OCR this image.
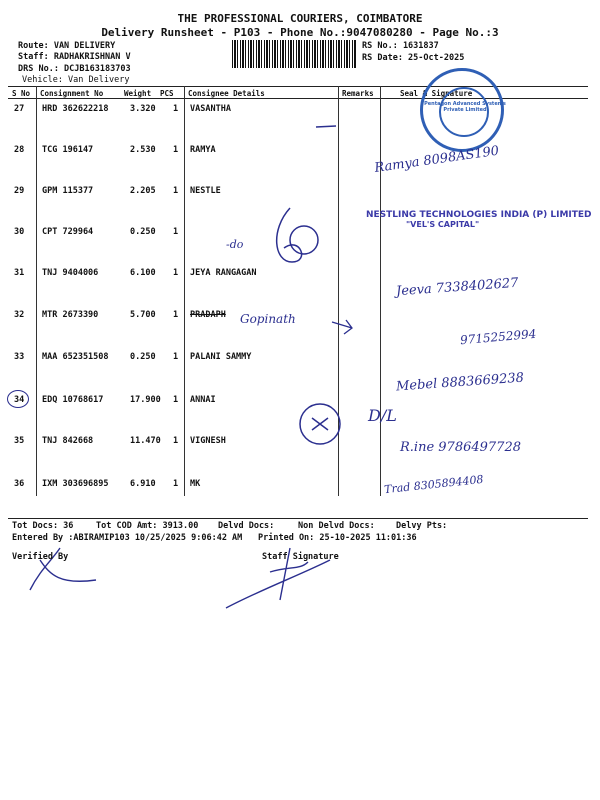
THE PROFESSIONAL COURIERS, COIMBATORE
Delivery Runsheet - P103 - Phone No.:9047080280 - Page No.:3
Route: VAN DELIVERY
Staff: RADHAKRISHNAN V
DRS No.: DCJB163183703
Vehicle: Van Delivery
RS No.: 1631837
RS Date: 25-Oct-2025
S No Consignment No	Weight PCS Consignee Details	Remarks	Seal & Signature
27 HRD 362622218	3.320 1 VASANTHA
28 TCG 196147	2.530 1 RAMYA
29 GPM 115377	2.205 1 NESTLE
30 CPT 729964	0.250 1
31 TNJ 9404006	6.100 1 JEYA RANGAGAN
32 MTR 2673390	5.700 1 PRADAPH
33 MAA 652351508	0.250 1 PALANI SAMMY
34 EDQ 10768617	17.900 1 ANNAI
35 TNJ 842668	11.470 1 VIGNESH
36 IXM 303696895	6.910 1 MK
Pentagon Advanced Systems Private Limited
NESTLING TECHNOLOGIES INDIA (P) LIMITED
"VEL'S CAPITAL"
Ramya 8098AS190
-do
Jeeva 7338402627
Gopinath
9715252994
Mebel 8883669238
D/L
R.ine 9786497728
Trad 8305894408
Tot Docs: 36	Tot COD Amt: 3913.00 Delvd Docs:	Non Delvd Docs: Delvy Pts:
Entered By :ABIRAMIP103 10/25/2025 9:06:42 AM Printed On: 25-10-2025 11:01:36
Verified By	Staff Signature
